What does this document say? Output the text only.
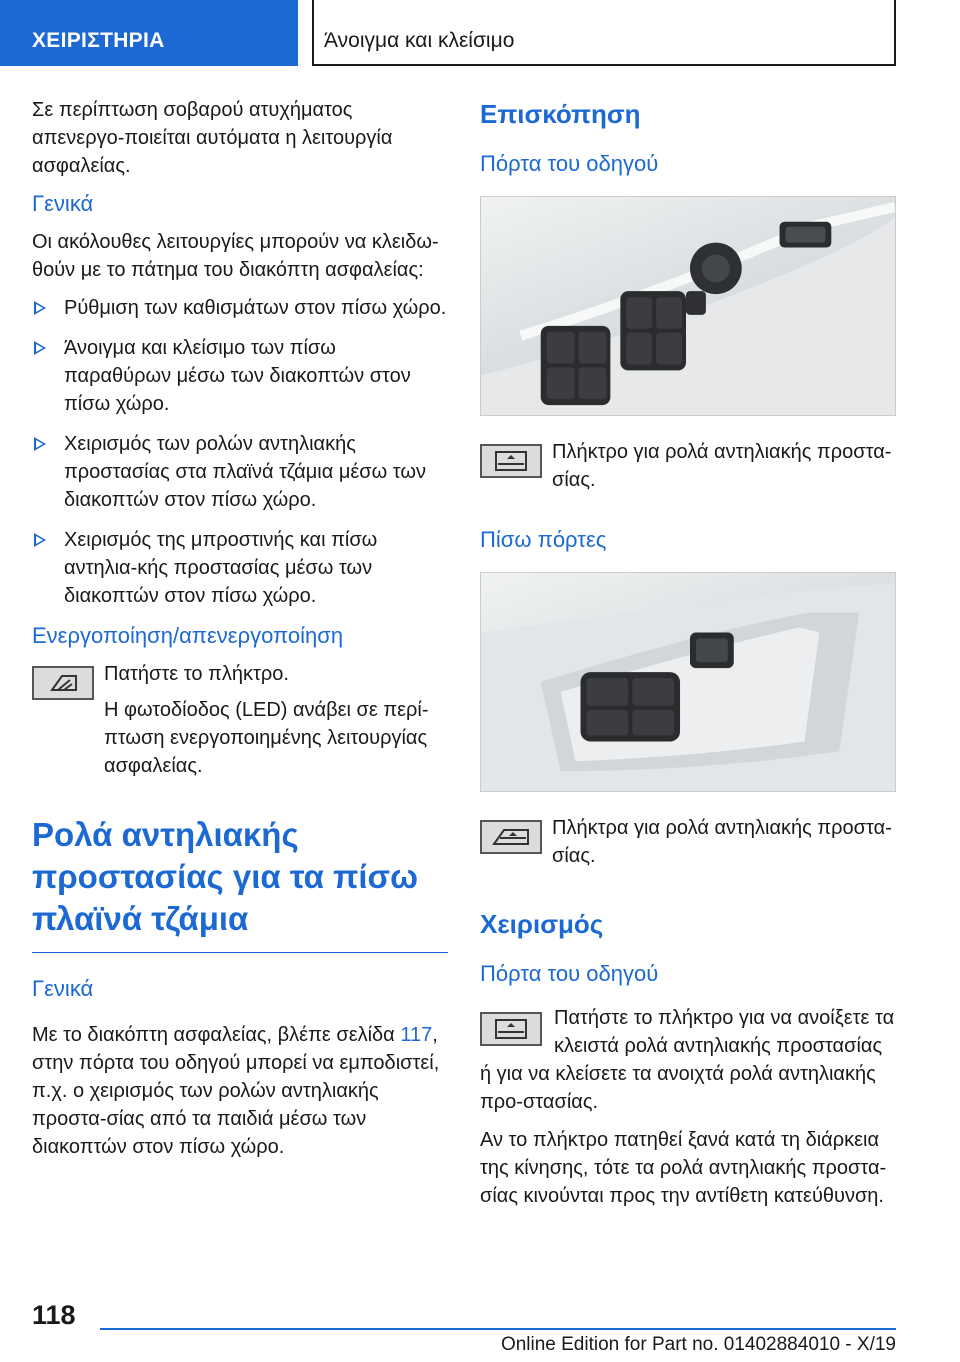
ΧΕΙΡΙΣΤΗΡΙΑ	Άνοιγμα και κλείσιμο

Σε περίπτωση σοβαρού ατυχήματος απενεργο-ποιείται αυτόματα η λειτουργία ασφαλείας.

Γενικά

Οι ακόλουθες λειτουργίες μπορούν να κλειδω-θούν με το πάτημα του διακόπτη ασφαλείας:

Ρύθμιση των καθισμάτων στον πίσω χώρο.
Άνοιγμα και κλείσιμο των πίσω παραθύρων μέσω των διακοπτών στον πίσω χώρο.
Χειρισμός των ρολών αντηλιακής προστασίας στα πλαϊνά τζάμια μέσω των διακοπτών στον πίσω χώρο.
Χειρισμός της μπροστινής και πίσω αντηλια-κής προστασίας μέσω των διακοπτών στον πίσω χώρο.
Ενεργοποίηση/απενεργοποίηση

Πατήστε το πλήκτρο.

Η φωτοδίοδος (LED) ανάβει σε περί-πτωση ενεργοποιημένης λειτουργίας ασφαλείας.

Ρολά αντηλιακής προστασίας για τα πίσω πλαϊνά τζάμια
Γενικά

Με το διακόπτη ασφαλείας, βλέπε σελίδα 117, στην πόρτα του οδηγού μπορεί να εμποδιστεί, π.χ. ο χειρισμός των ρολών αντηλιακής προστα-σίας από τα παιδιά μέσω των διακοπτών στον πίσω χώρο.

Επισκόπηση
Πόρτα του οδηγού

Πλήκτρο για ρολά αντηλιακής προστα-σίας.

Πίσω πόρτες

Πλήκτρα για ρολά αντηλιακής προστα-σίας.

Χειρισμός
Πόρτα του οδηγού

Πατήστε το πλήκτρο για να ανοίξετε τα κλειστά ρολά αντηλιακής προστασίας ή για να κλείσετε τα ανοιχτά ρολά αντηλιακής προ-στασίας.

Αν το πλήκτρο πατηθεί ξανά κατά τη διάρκεια της κίνησης, τότε τα ρολά αντηλιακής προστα-σίας κινούνται προς την αντίθετη κατεύθυνση.

118
Online Edition for Part no. 01402884010 - X/19
